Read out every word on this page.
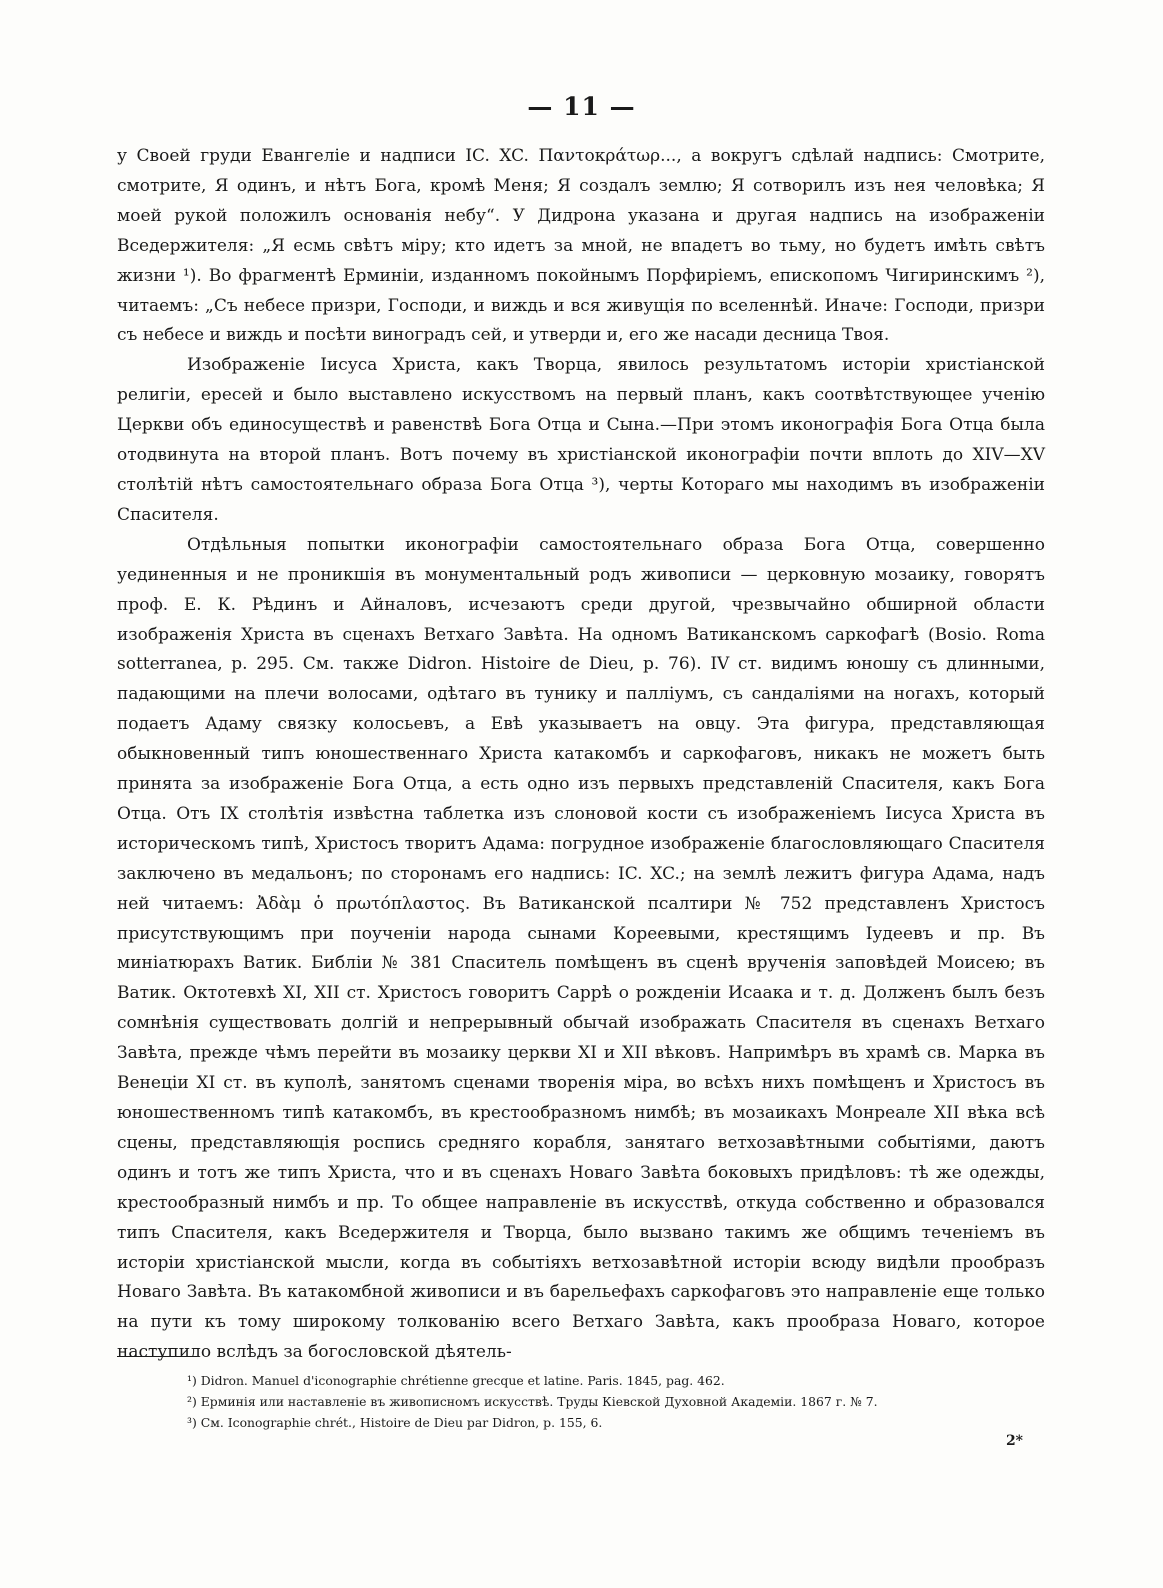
— 11 —

у Своей груди Евангеліе и надписи IC. XC. Παντοκράτωρ..., а вокругъ сдѣлай надпись: Смотрите, смотрите, Я одинъ, и нѣтъ Бога, кромѣ Меня; Я создалъ землю; Я сотворилъ изъ нея человѣка; Я моей рукой положилъ основанія небу“. У Дидрона указана и другая надпись на изображеніи Вседержителя: „Я есмь свѣтъ міру; кто идетъ за мной, не впадетъ во тьму, но будетъ имѣть свѣтъ жизни ¹). Во фрагментѣ Ерминіи, изданномъ покойнымъ Порфиріемъ, епископомъ Чигиринскимъ ²), читаемъ: „Съ небесе призри, Господи, и виждь и вся живущія по вселеннѣй. Иначе: Господи, призри съ небесе и виждь и посѣти виноградъ сей, и утверди и, его же насади десница Твоя.

Изображеніе Іисуса Христа, какъ Творца, явилось результатомъ исторіи христіанской религіи, ересей и было выставлено искусствомъ на первый планъ, какъ соотвѣтствующее ученію Церкви объ единосуществѣ и равенствѣ Бога Отца и Сына.—При этомъ иконографія Бога Отца была отодвинута на второй планъ. Вотъ почему въ христіанской иконографіи почти вплоть до XIV—XV столѣтій нѣтъ самостоятельнаго образа Бога Отца ³), черты Котораго мы находимъ въ изображеніи Спасителя.

Отдѣльныя попытки иконографіи самостоятельнаго образа Бога Отца, совершенно уединенныя и не проникшія въ монументальный родъ живописи — церковную мозаику, говорятъ проф. Е. К. Рѣдинъ и Айналовъ, исчезаютъ среди другой, чрезвычайно обширной области изображенія Христа въ сценахъ Ветхаго Завѣта. На одномъ Ватиканскомъ саркофагѣ (Bosio. Roma sotterranea, p. 295. См. также Didron. Histoire de Dieu, p. 76). IV ст. видимъ юношу съ длинными, падающими на плечи волосами, одѣтаго въ тунику и паллiумъ, съ сандаліями на ногахъ, который подаетъ Адаму связку колосьевъ, а Евѣ указываетъ на овцу. Эта фигура, представляющая обыкновенный типъ юношественнаго Христа катакомбъ и саркофаговъ, никакъ не можетъ быть принята за изображеніе Бога Отца, а есть одно изъ первыхъ представленій Спасителя, какъ Бога Отца. Отъ IX столѣтія извѣстна таблетка изъ слоновой кости съ изображеніемъ Іисуса Христа въ историческомъ типѣ, Христосъ творитъ Адама: погрудное изображеніе благословляющаго Спасителя заключено въ медальонъ; по сторонамъ его надпись: IC. XC.; на землѣ лежитъ фигура Адама, надъ ней читаемъ: Ἀδὰμ ὁ πρωτόπλαστος. Въ Ватиканской псалтири № 752 представленъ Христосъ присутствующимъ при поученіи народа сынами Кореевыми, крестящимъ Іудеевъ и пр. Въ миніатюрахъ Ватик. Библіи № 381 Спаситель помѣщенъ въ сценѣ врученія заповѣдей Моисею; въ Ватик. Октотевхѣ XI, XII ст. Христосъ говоритъ Саррѣ о рожденіи Исаака и т. д. Долженъ былъ безъ сомнѣнія существовать долгій и непрерывный обычай изображать Спасителя въ сценахъ Ветхаго Завѣта, прежде чѣмъ перейти въ мозаику церкви XI и XII вѣковъ. Напримѣръ въ храмѣ св. Марка въ Венеціи XI ст. въ куполѣ, занятомъ сценами творенія міра, во всѣхъ нихъ помѣщенъ и Христосъ въ юношественномъ типѣ катакомбъ, въ крестообразномъ нимбѣ; въ мозаикахъ Монреале XII вѣка всѣ сцены, представляющія роспись средняго корабля, занятаго ветхозавѣтными событіями, даютъ одинъ и тотъ же типъ Христа, что и въ сценахъ Новаго Завѣта боковыхъ придѣловъ: тѣ же одежды, крестообразный нимбъ и пр. То общее направленіе въ искусствѣ, откуда собственно и образовался типъ Спасителя, какъ Вседержителя и Творца, было вызвано такимъ же общимъ теченіемъ въ исторіи христіанской мысли, когда въ событіяхъ ветхозавѣтной исторіи всюду видѣли прообразъ Новаго Завѣта. Въ катакомбной живописи и въ барельефахъ саркофаговъ это направленіе еще только на пути къ тому широкому толкованію всего Ветхаго Завѣта, какъ прообраза Новаго, которое наступило вслѣдъ за богословской дѣятель-

¹) Didron. Manuel d'iconographie chrétienne grecque et latine. Paris. 1845, pag. 462.
²) Ерминія или наставленіе въ живописномъ искусствѣ. Труды Кіевской Духовной Академіи. 1867 г. № 7.
³) См. Iconographie chrét., Histoire de Dieu par Didron, p. 155, 6.
2*
